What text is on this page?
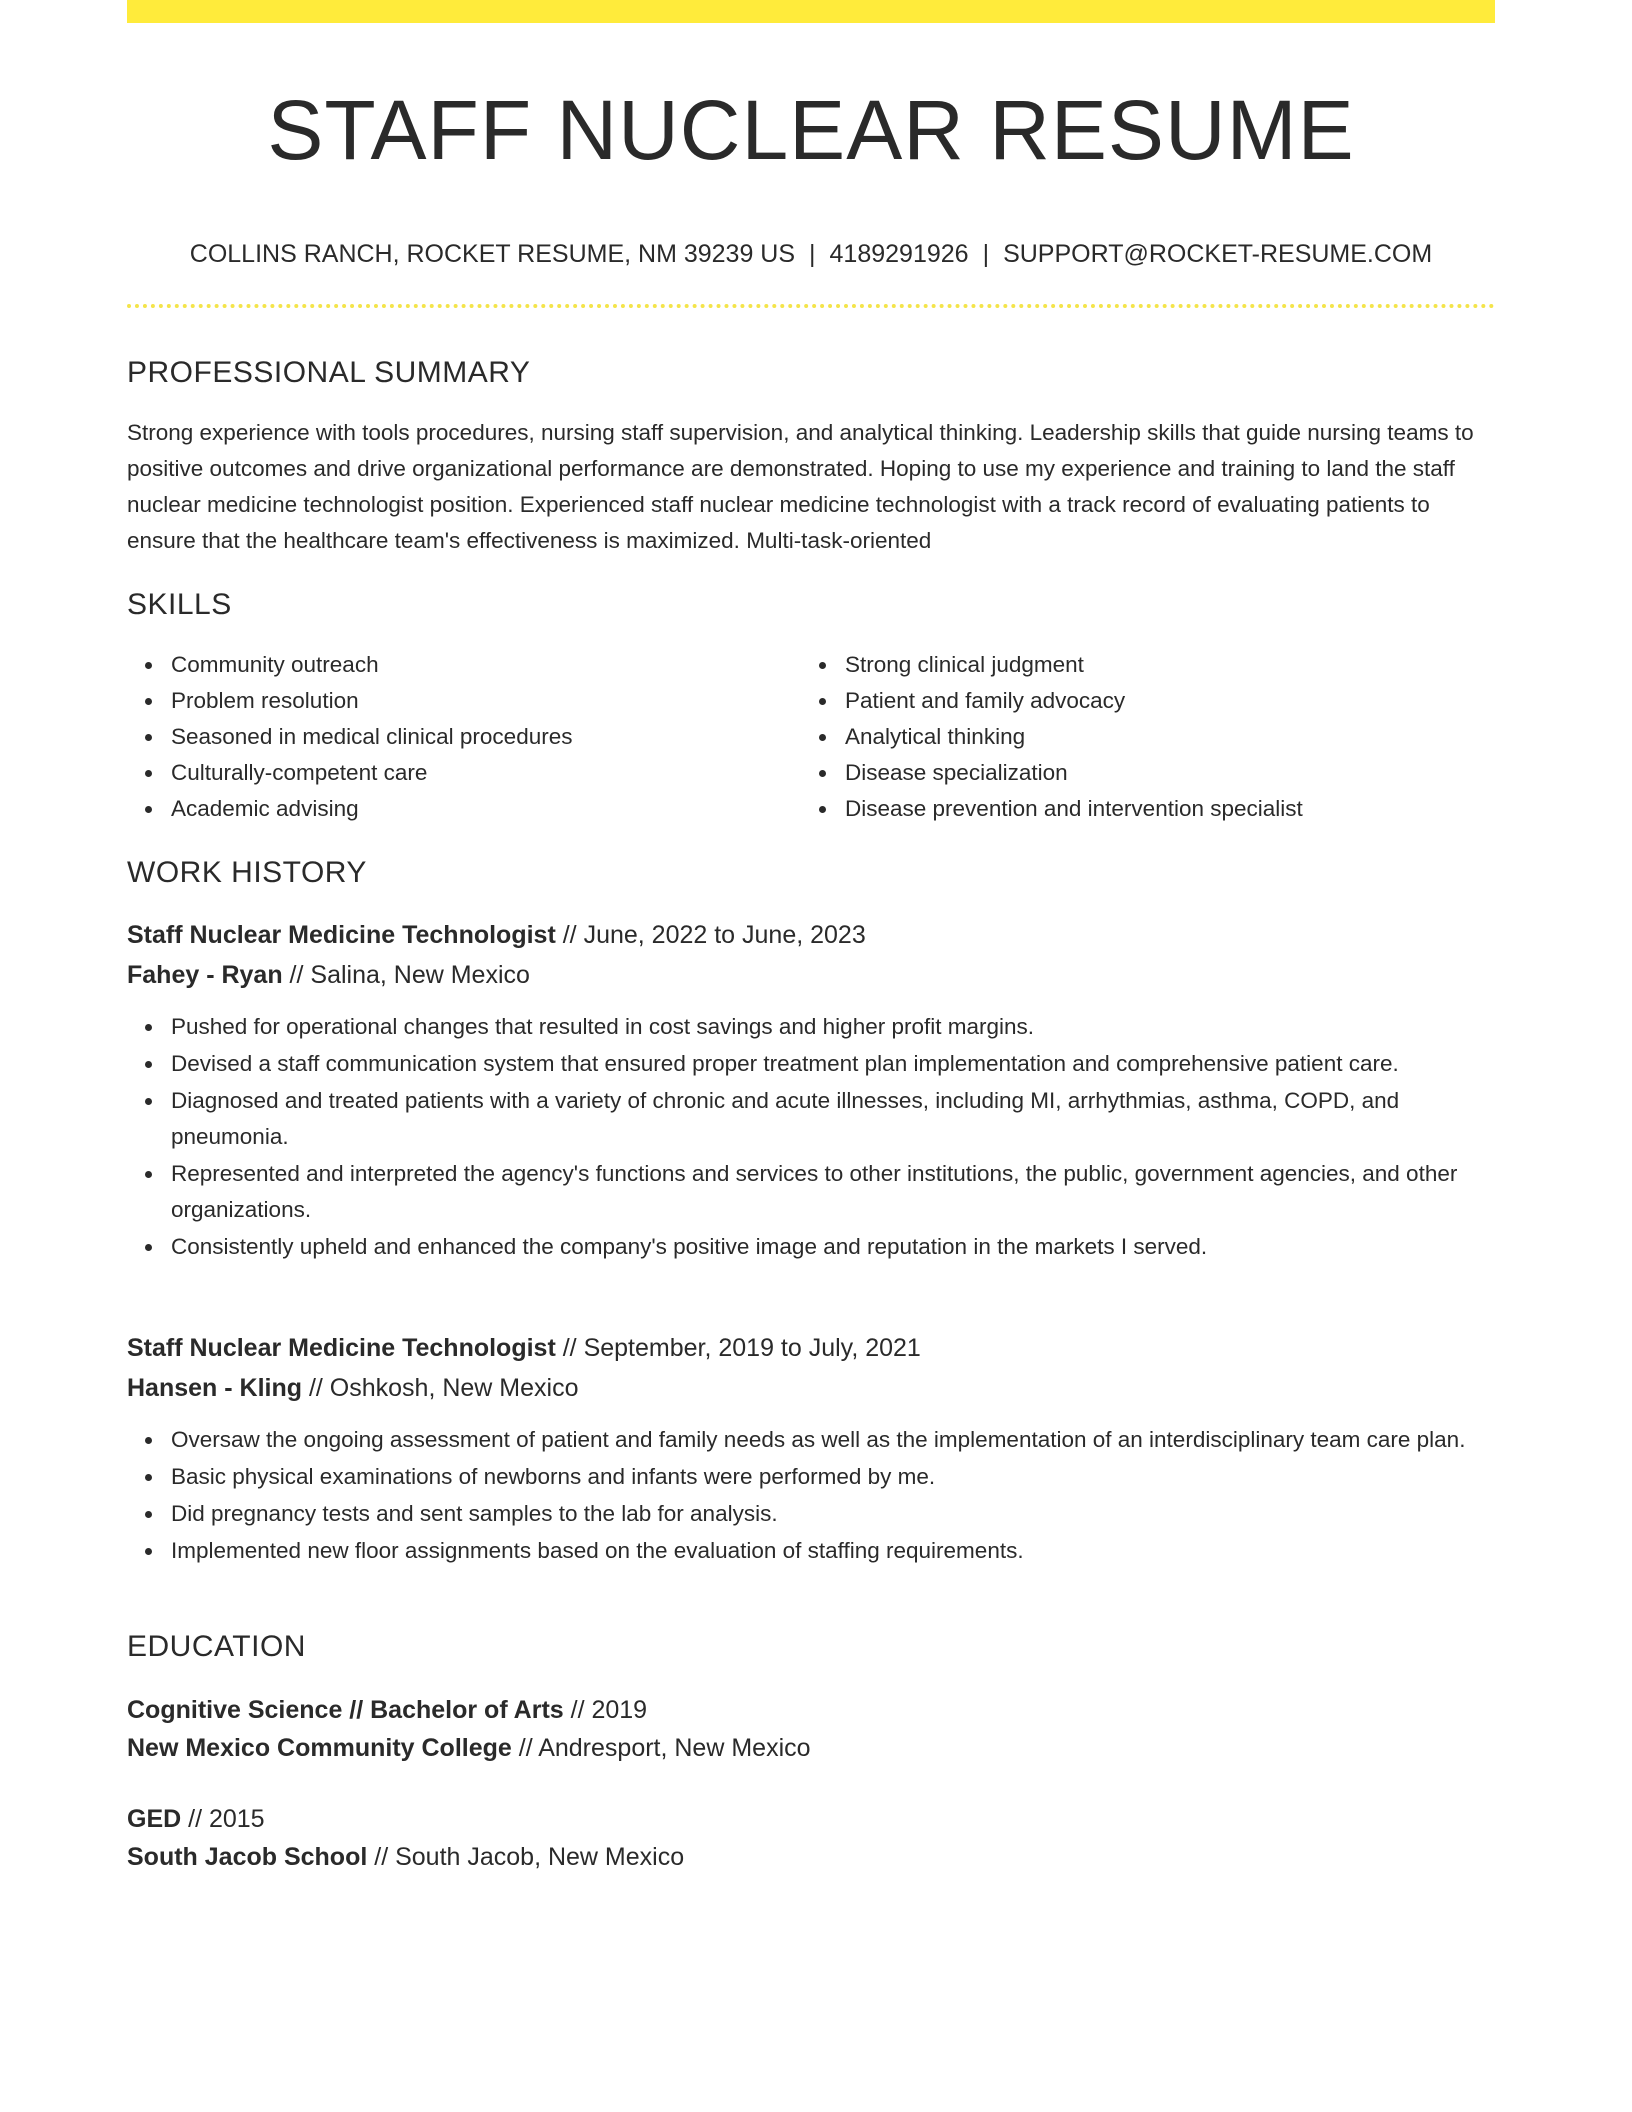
STAFF NUCLEAR RESUME
COLLINS RANCH, ROCKET RESUME, NM 39239 US | 4189291926 | SUPPORT@ROCKET-RESUME.COM
PROFESSIONAL SUMMARY

Strong experience with tools procedures, nursing staff supervision, and analytical thinking. Leadership skills that guide nursing teams to positive outcomes and drive organizational performance are demonstrated. Hoping to use my experience and training to land the staff nuclear medicine technologist position. Experienced staff nuclear medicine technologist with a track record of evaluating patients to ensure that the healthcare team's effectiveness is maximized. Multi-task-oriented

SKILLS
Community outreach
Problem resolution
Seasoned in medical clinical procedures
Culturally-competent care
Academic advising
Strong clinical judgment
Patient and family advocacy
Analytical thinking
Disease specialization
Disease prevention and intervention specialist
WORK HISTORY
Staff Nuclear Medicine Technologist // June, 2022 to June, 2023
Fahey - Ryan // Salina, New Mexico
Pushed for operational changes that resulted in cost savings and higher profit margins.
Devised a staff communication system that ensured proper treatment plan implementation and comprehensive patient care.
Diagnosed and treated patients with a variety of chronic and acute illnesses, including MI, arrhythmias, asthma, COPD, and pneumonia.
Represented and interpreted the agency's functions and services to other institutions, the public, government agencies, and other organizations.
Consistently upheld and enhanced the company's positive image and reputation in the markets I served.
Staff Nuclear Medicine Technologist // September, 2019 to July, 2021
Hansen - Kling // Oshkosh, New Mexico
Oversaw the ongoing assessment of patient and family needs as well as the implementation of an interdisciplinary team care plan.
Basic physical examinations of newborns and infants were performed by me.
Did pregnancy tests and sent samples to the lab for analysis.
Implemented new floor assignments based on the evaluation of staffing requirements.
EDUCATION
Cognitive Science // Bachelor of Arts // 2019
New Mexico Community College // Andresport, New Mexico
GED // 2015
South Jacob School // South Jacob, New Mexico
